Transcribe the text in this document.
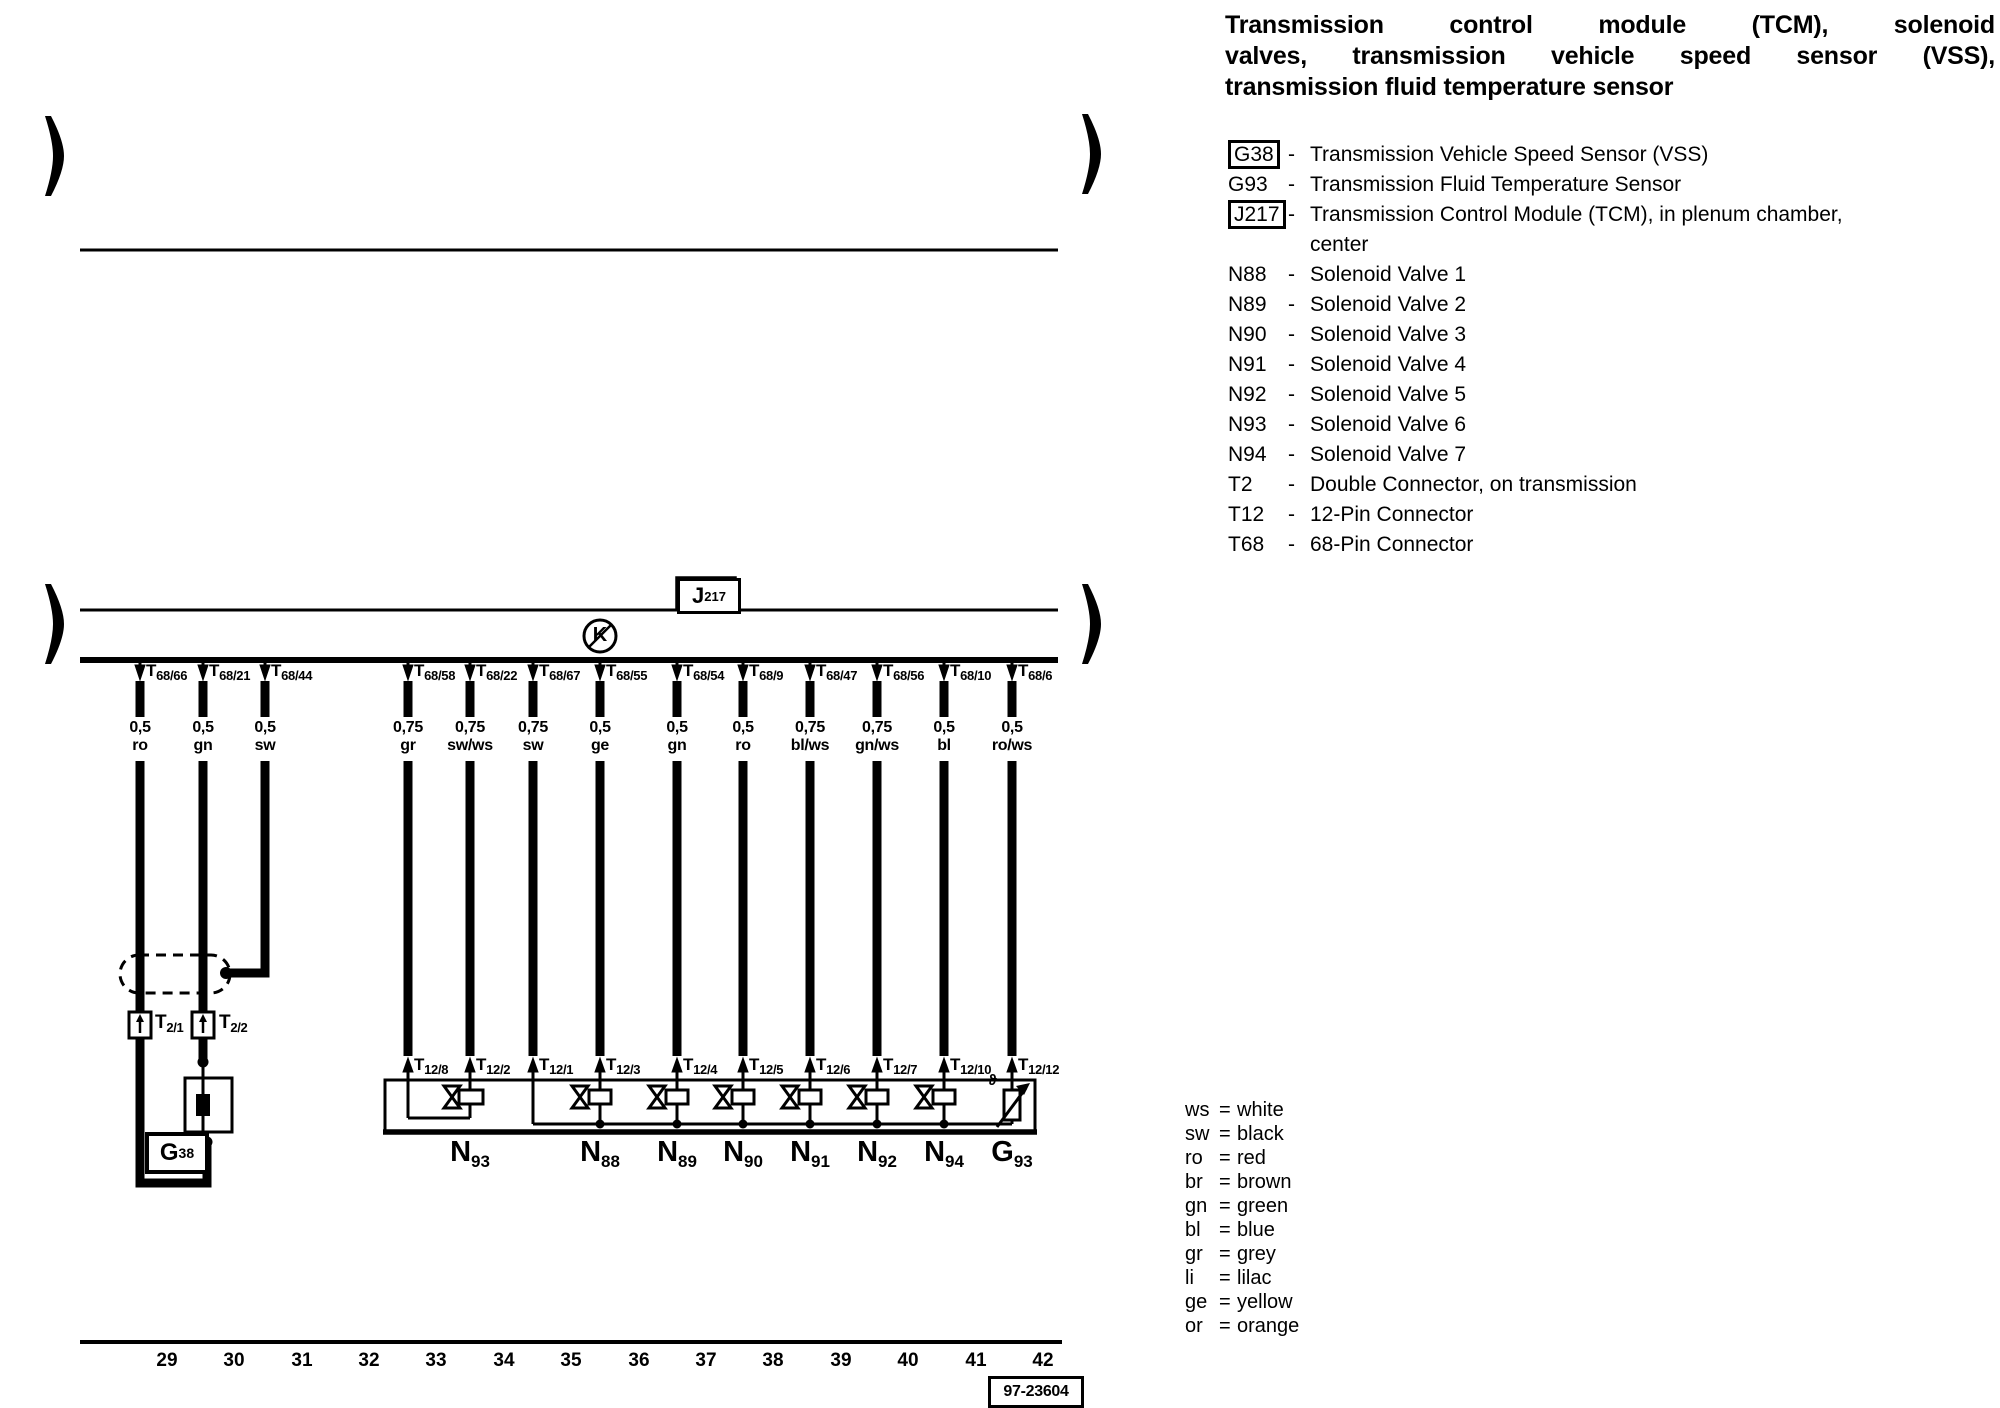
J 217
K
$T_{68/66}$ $T_{68/21}$ $T_{68/44}$	$T_{68/58}$ $T_{68/22}$ $T_{68/67}$ $T_{68/55}$ $T_{68/54}$ $T_{68/9}$ $T_{68/47}$ $T_{68/56}$ $T_{68/10}$ $T_{68/6}$
0,5
ro
0,5
gn
0,5
sw
0,75
gr
0,75
sw/ws
0,75
sw
0,5
ge
0,5
gn
0,5
ro
0,75
bl/ws
0,75
gn/ws
0,5
bl
0,5
ro/ws
$T_{2/1}$ $T_{2/2}$
$T_{12/8}$ $T_{12/2}$ $T_{12/1}$ $T_{12/3}$	$T_{12/4}$ $T_{12/5}$ $T_{12/6}$ $T_{12/7}$ $T_{12/10}$ $T_{12/12}$
G 38
ϑ
N93	N88	N89 N90 N91 N92 N94 G93
29	30	31	32	33	34	35	36	37	38	39	40	41	42
97-23604
Transmission control module (TCM), solenoid
valves, transmission vehicle speed sensor (VSS),
transmission fluid temperature sensor
G38 - Transmission Vehicle Speed Sensor (VSS)
G93 - Transmission Fluid Temperature Sensor
J217 - Transmission Control Module (TCM), in plenum chamber, center
N88	- Solenoid Valve 1
N89	- Solenoid Valve 2
N90	- Solenoid Valve 3
N91	- Solenoid Valve 4
N92	- Solenoid Valve 5
N93	- Solenoid Valve 6
N94	- Solenoid Valve 7
T2	- Double Connector, on transmission
T12	- 12-Pin Connector
T68	- 68-Pin Connector
ws = white
sw = black
ro = red
br = brown
gn = green
bl = blue
gr = grey
li	= lilac
ge = yellow
or = orange
